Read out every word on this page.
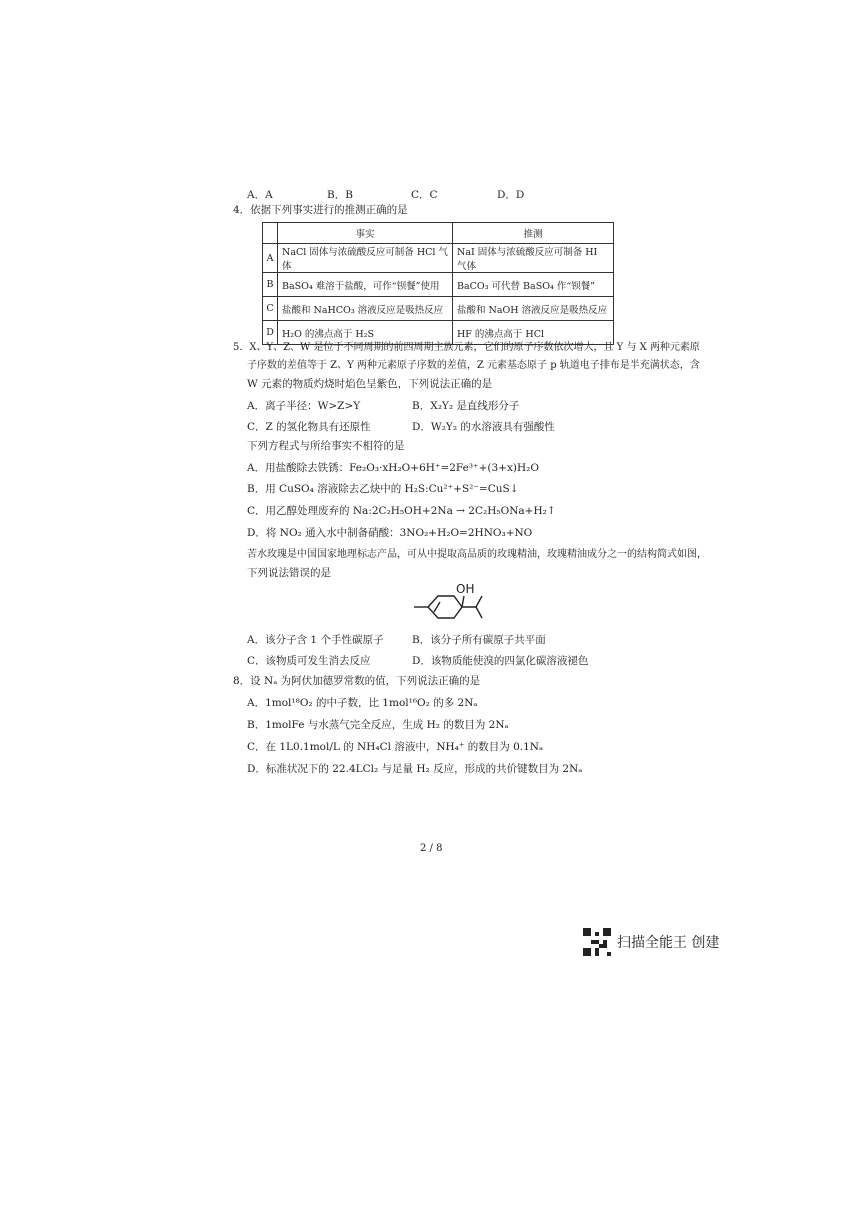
A．A	B．B	C．C	D．D
4．依据下列事实进行的推测正确的是
	事实	推测
A	NaCl 固体与浓硫酸反应可制备 HCl 气体	NaI 固体与浓硫酸反应可制备 HI 气体
B	BaSO₄ 难溶于盐酸，可作“钡餐”使用	BaCO₃ 可代替 BaSO₄ 作“钡餐”
C	盐酸和 NaHCO₃ 溶液反应是吸热反应	盐酸和 NaOH 溶液反应是吸热反应
D	H₂O 的沸点高于 H₂S	HF 的沸点高于 HCl
5．X、Y、Z、W 是位于不同周期的前四周期主族元素，它们的原子序数依次增大，且 Y 与 X 两种元素原
子序数的差值等于 Z、Y 两种元素原子序数的差值，Z 元素基态原子 p 轨道电子排布是半充满状态，含
W 元素的物质灼烧时焰色呈紫色，下列说法正确的是
A．离子半径：W>Z>Y	B．X₂Y₂ 是直线形分子
C．Z 的氢化物具有还原性	D．W₂Y₂ 的水溶液具有强酸性
下列方程式与所给事实不相符的是
A．用盐酸除去铁锈：Fe₂O₃·xH₂O+6H⁺=2Fe³⁺+(3+x)H₂O
B．用 CuSO₄ 溶液除去乙炔中的 H₂S:Cu²⁺+S²⁻=CuS↓
C．用乙醇处理废弃的 Na:2C₂H₅OH+2Na → 2C₂H₅ONa+H₂↑
D．将 NO₂ 通入水中制备硝酸：3NO₂+H₂O=2HNO₃+NO
苦水玫瑰是中国国家地理标志产品，可从中提取高品质的玫瑰精油，玫瑰精油成分之一的结构简式如图，
下列说法错误的是
OH
A．该分子含 1 个手性碳原子	B．该分子所有碳原子共平面
C．该物质可发生消去反应	D．该物质能使溴的四氯化碳溶液褪色
8．设 Nₐ 为阿伏加德罗常数的值，下列说法正确的是
A．1mol¹⁸O₂ 的中子数，比 1mol¹⁶O₂ 的多 2Nₐ
B．1molFe 与水蒸气完全反应，生成 H₂ 的数目为 2Nₐ
C．在 1L0.1mol/L 的 NH₄Cl 溶液中，NH₄⁺ 的数目为 0.1Nₐ
D．标准状况下的 22.4LCl₂ 与足量 H₂ 反应，形成的共价键数目为 2Nₐ
2 / 8
扫描全能王 创建
